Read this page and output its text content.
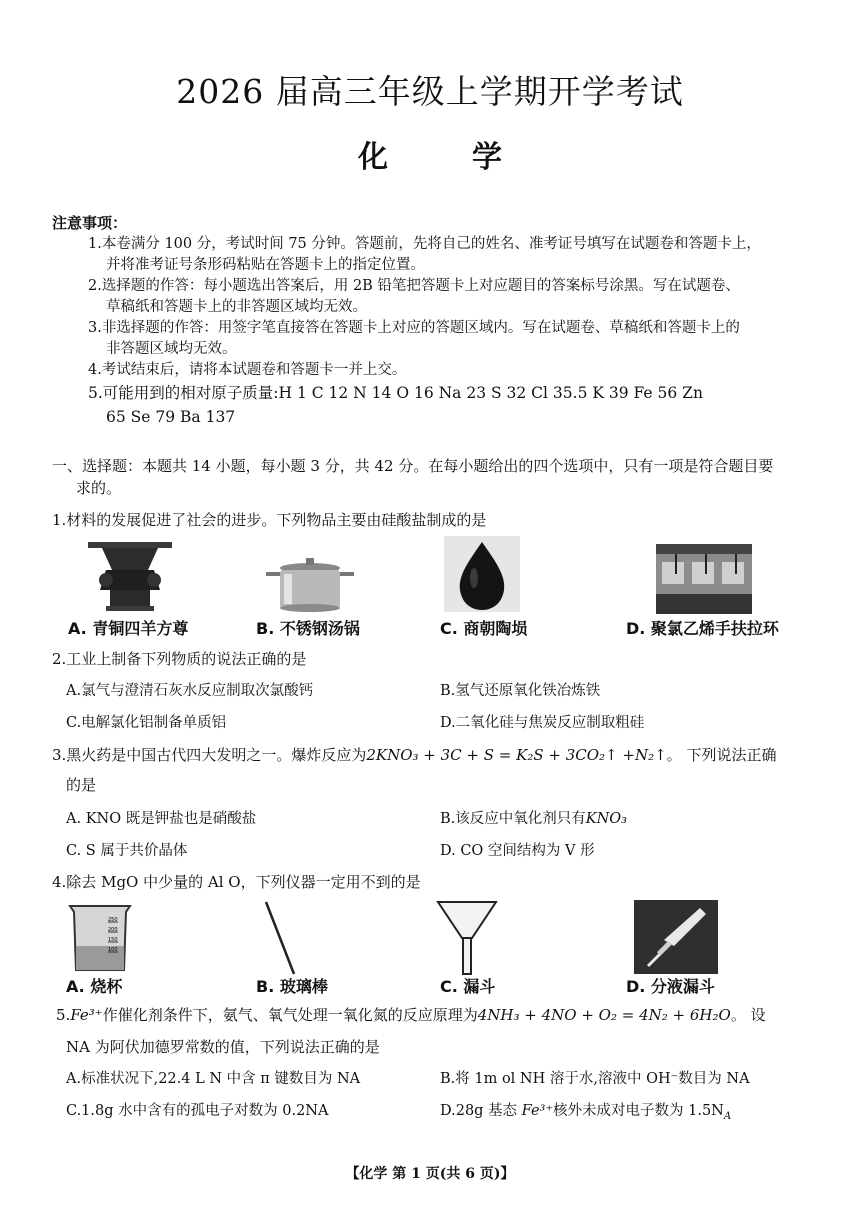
2026 届高三年级上学期开学考试
化	学
注意事项：
1.本卷满分 100 分，考试时间 75 分钟。答题前，先将自己的姓名、准考证号填写在试题卷和答题卡上，
并将准考证号条形码粘贴在答题卡上的指定位置。
2.选择题的作答：每小题选出答案后，用 2B 铅笔把答题卡上对应题目的答案标号涂黑。写在试题卷、
草稿纸和答题卡上的非答题区域均无效。
3.非选择题的作答：用签字笔直接答在答题卡上对应的答题区域内。写在试题卷、草稿纸和答题卡上的
非答题区域均无效。
4.考试结束后，请将本试题卷和答题卡一并上交。
5.可能用到的相对原子质量:H 1 C 12 N 14 O 16 Na 23 S 32 Cl 35.5 K 39 Fe 56 Zn
65 Se 79 Ba 137
一、选择题：本题共 14 小题，每小题 3 分，共 42 分。在每小题给出的四个选项中，只有一项是符合题目要
求的。
1.材料的发展促进了社会的进步。下列物品主要由硅酸盐制成的是
A. 青铜四羊方尊	B. 不锈钢汤锅	C. 商朝陶埙	D. 聚氯乙烯手扶拉环
2.工业上制备下列物质的说法正确的是
A.氯气与澄清石灰水反应制取次氯酸钙	B.氢气还原氧化铁冶炼铁
C.电解氯化铝制备单质铝	D.二氧化硅与焦炭反应制取粗硅
3.黑火药是中国古代四大发明之一。爆炸反应为2KNO₃ + 3C + S = K₂S + 3CO₂↑ +N₂↑。 下列说法正确
的是
A. KNO 既是钾盐也是硝酸盐	B.该反应中氧化剂只有KNO₃
C. S 属于共价晶体	D. CO 空间结构为 V 形
4.除去 MgO 中少量的 Al O，下列仪器一定用不到的是
250
200
150
100
A. 烧杯	B. 玻璃棒	C. 漏斗	D. 分液漏斗
5.Fe³⁺作催化剂条件下，氨气、氧气处理一氧化氮的反应原理为4NH₃ + 4NO + O₂ = 4N₂ + 6H₂O。 设
NA 为阿伏加德罗常数的值，下列说法正确的是
A.标准状况下,22.4 L N 中含 π 键数目为 NA	B.将 1m ol NH 溶于水,溶液中 OH⁻数目为 NA
C.1.8g 水中含有的孤电子对数为 0.2NA	D.28g 基态 Fe³⁺核外未成对电子数为 $1.5N_A$
【化学 第 1 页(共 6 页)】
